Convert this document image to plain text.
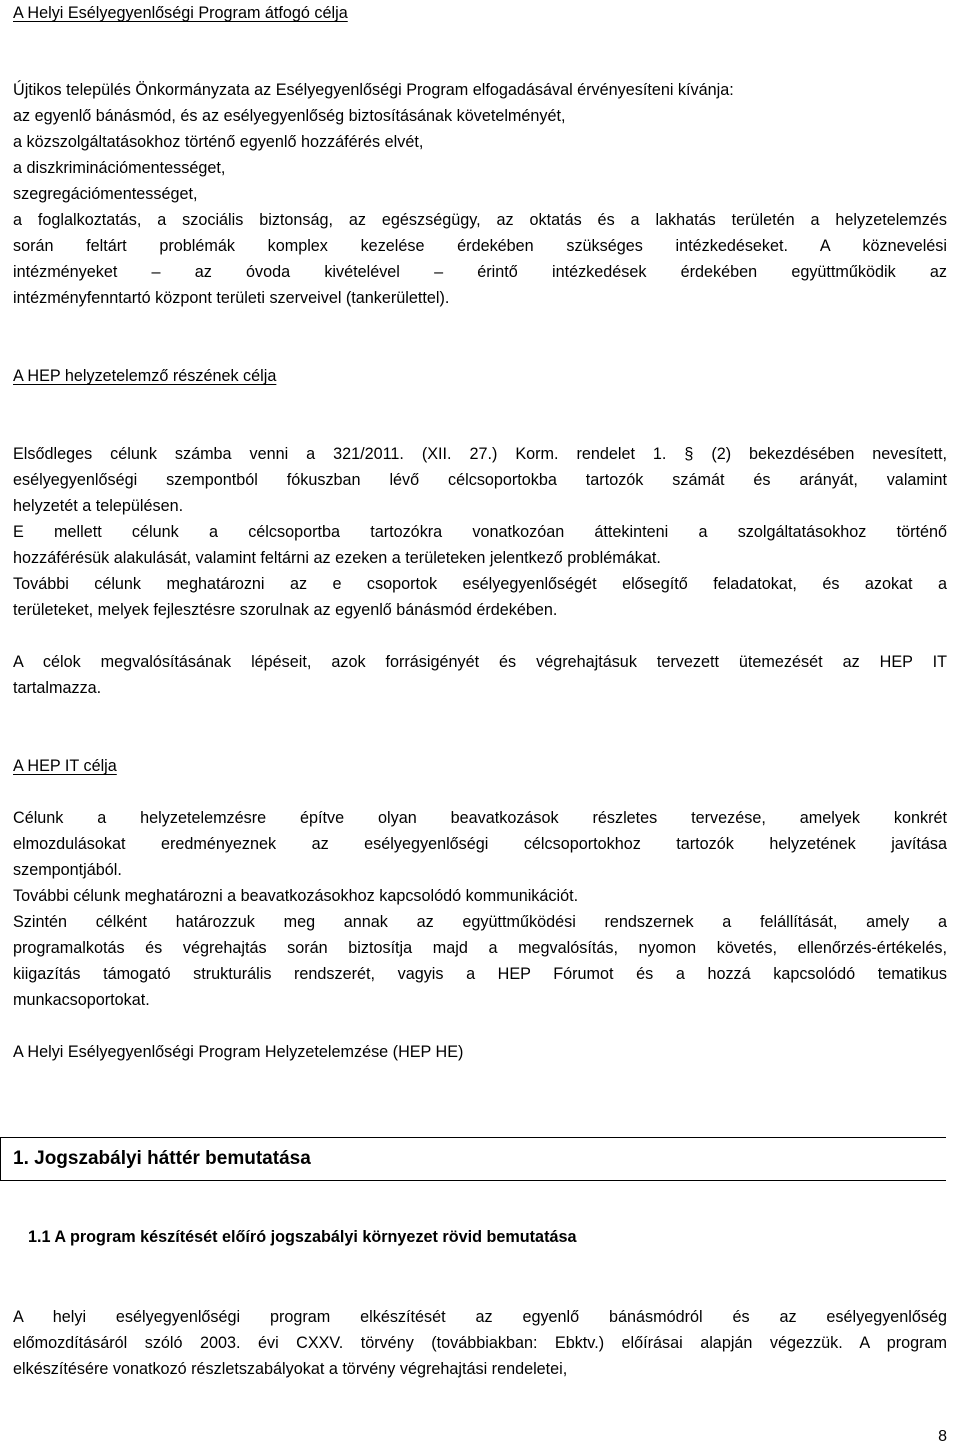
A Helyi Esélyegyenlőségi Program átfogó célja
Újtikos település Önkormányzata az Esélyegyenlőségi Program elfogadásával érvényesíteni kívánja:
az egyenlő bánásmód, és az esélyegyenlőség biztosításának követelményét,
a közszolgáltatásokhoz történő egyenlő hozzáférés elvét,
a diszkriminációmentességet,
szegregációmentességet,
a foglalkoztatás, a szociális biztonság, az egészségügy, az oktatás és a lakhatás területén a helyzetelemzés
során feltárt problémák komplex kezelése érdekében szükséges intézkedéseket. A köznevelési
intézményeket – az óvoda kivételével – érintő intézkedések érdekében együttműködik az
intézményfenntartó központ területi szerveivel (tankerülettel).
A HEP helyzetelemző részének célja
Elsődleges célunk számba venni a 321/2011. (XII. 27.) Korm. rendelet 1. § (2) bekezdésében nevesített,
esélyegyenlőségi szempontból fókuszban lévő célcsoportokba tartozók számát és arányát, valamint
helyzetét a településen.
E mellett célunk a célcsoportba tartozókra vonatkozóan áttekinteni a szolgáltatásokhoz történő
hozzáférésük alakulását, valamint feltárni az ezeken a területeken jelentkező problémákat.
További célunk meghatározni az e csoportok esélyegyenlőségét elősegítő feladatokat, és azokat a
területeket, melyek fejlesztésre szorulnak az egyenlő bánásmód érdekében.
A célok megvalósításának lépéseit, azok forrásigényét és végrehajtásuk tervezett ütemezését az HEP IT
tartalmazza.
A HEP IT célja
Célunk a helyzetelemzésre építve olyan beavatkozások részletes tervezése, amelyek konkrét
elmozdulásokat eredményeznek az esélyegyenlőségi célcsoportokhoz tartozók helyzetének javítása
szempontjából.
További célunk meghatározni a beavatkozásokhoz kapcsolódó kommunikációt.
Szintén célként határozzuk meg annak az együttműködési rendszernek a felállítását, amely a
programalkotás és végrehajtás során biztosítja majd a megvalósítás, nyomon követés, ellenőrzés-értékelés,
kiigazítás támogató strukturális rendszerét, vagyis a HEP Fórumot és a hozzá kapcsolódó tematikus
munkacsoportokat.
A Helyi Esélyegyenlőségi Program Helyzetelemzése (HEP HE)
1. Jogszabályi háttér bemutatása
1.1 A program készítését előíró jogszabályi környezet rövid bemutatása
A helyi esélyegyenlőségi program elkészítését az egyenlő bánásmódról és az esélyegyenlőség
előmozdításáról szóló 2003. évi CXXV. törvény (továbbiakban: Ebktv.) előírásai alapján végezzük. A program
elkészítésére vonatkozó részletszabályokat a törvény végrehajtási rendeletei,
8
